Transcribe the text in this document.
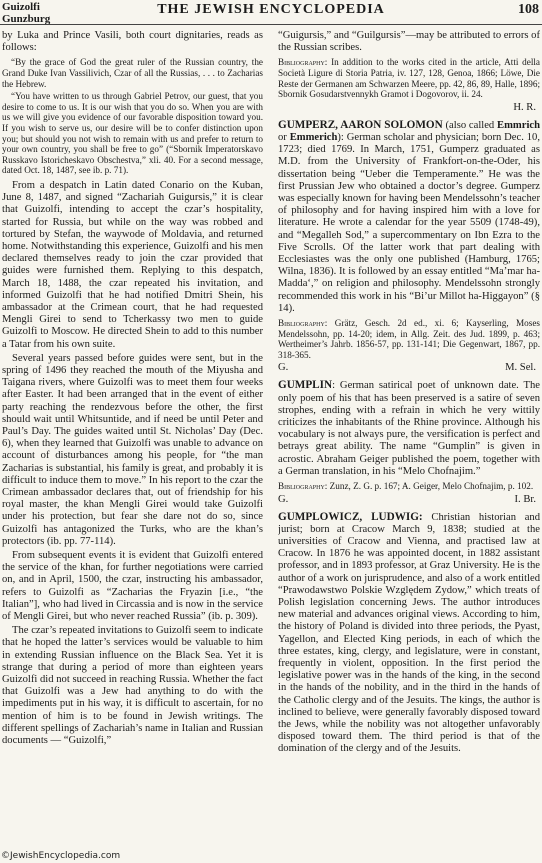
Guizolfi
Gunzburg
THE JEWISH ENCYCLOPEDIA	108

by Luka and Prince Vasili, both court dignitaries, reads as follows:

“By the grace of God the great ruler of the Russian country, the Grand Duke Ivan Vassilivich, Czar of all the Russias, . . . to Zacharias the Hebrew.

“You have written to us through Gabriel Petrov, our guest, that you desire to come to us. It is our wish that you do so. When you are with us we will give you evidence of our favorable disposition toward you. If you wish to serve us, our desire will be to confer distinction upon you; but should you not wish to remain with us and prefer to return to your own country, you shall be free to go” (“Sbornik Imperatorskavo Russkavo Istoricheskavo Obschestva,” xli. 40. For a second message, dated Oct. 18, 1487, see ib. p. 71).

From a despatch in Latin dated Conario on the Kuban, June 8, 1487, and signed “Zachariah Guigursis,” it is clear that Guizolfi, intending to accept the czar’s hospitality, started for Russia, but while on the way was robbed and tortured by Stefan, the waywode of Moldavia, and returned home. Notwithstanding this experience, Guizolfi and his men declared themselves ready to join the czar provided that guides were furnished them. Replying to this despatch, March 18, 1488, the czar repeated his invitation, and informed Guizolfi that he had notified Dmitri Shein, his ambassador at the Crimean court, that he had requested Mengli Girei to send to Tcherkassy two men to guide Guizolfi to Moscow. He directed Shein to add to this number a Tatar from his own suite.

Several years passed before guides were sent, but in the spring of 1496 they reached the mouth of the Miyusha and Taigana rivers, where Guizolfi was to meet them four weeks after Easter. It had been arranged that in the event of either party reaching the rendezvous before the other, the first should wait until Whitsuntide, and if need be until Peter and Paul’s Day. The guides waited until St. Nicholas’ Day (Dec. 6), when they learned that Guizolfi was unable to advance on account of disturbances among his people, for “the man Zacharias is substantial, his family is great, and probably it is difficult to induce them to move.” In his report to the czar the Crimean ambassador declares that, out of friendship for his royal master, the khan Mengli Girei would take Guizolfi under his protection, but fear she dare not do so, since Guizolfi has antagonized the Turks, who are the khan’s protectors (ib. pp. 77-114).

From subsequent events it is evident that Guizolfi entered the service of the khan, for further negotiations were carried on, and in April, 1500, the czar, instructing his ambassador, refers to Guizolfi as “Zacharias the Fryazin [i.e., “the Italian”], who had lived in Circassia and is now in the service of Mengli Girei, but who never reached Russia” (ib. p. 309).

The czar’s repeated invitations to Guizolfi seem to indicate that he hoped the latter’s services would be valuable to him in extending Russian influence on the Black Sea. Yet it is strange that during a period of more than eighteen years Guizolfi did not succeed in reaching Russia. Whether the fact that Guizolfi was a Jew had anything to do with the impediments put in his way, it is difficult to ascertain, for no mention of him is to be found in Jewish writings. The different spellings of Zachariah’s name in Italian and Russian documents — “Guizolfi,”

“Guigursis,” and “Guilgursis”—may be attributed to errors of the Russian scribes.

Bibliography: In addition to the works cited in the article, Atti della Società Ligure di Storia Patria, iv. 127, 128, Genoa, 1866; Löwe, Die Reste der Germanen am Schwarzen Meere, pp. 42, 86, 89, Halle, 1896; Sbornik Gosudarstvennykh Gramot i Dogovorov, ii. 24.

H. R.

GUMPERZ, AARON SOLOMON (also called Emmrich or Emmerich): German scholar and physician; born Dec. 10, 1723; died 1769. In March, 1751, Gumperz graduated as M.D. from the University of Frankfort-on-the-Oder, his dissertation being “Ueber die Temperamente.” He was the first Prussian Jew who obtained a doctor’s degree. Gumperz was especially known for having been Mendelssohn’s teacher of philosophy and for having inspired him with a love for literature. He wrote a calendar for the year 5509 (1748-49), and “Megalleh Sod,” a supercommentary on Ibn Ezra to the Five Scrolls. Of the latter work that part dealing with Ecclesiastes was the only one published (Hamburg, 1765; Wilna, 1836). It is followed by an essay entitled “Ma’mar ha-Madda‘,” on religion and philosophy. Mendelssohn strongly recommended this work in his “Bi’ur Millot ha-Higgayon” (§ 14).

Bibliography: Grätz, Gesch. 2d ed., xi. 6; Kayserling, Moses Mendelssohn, pp. 14-20; idem, in Allg. Zeit. des Jud. 1899, p. 463; Wertheimer’s Jahrb. 1856-57, pp. 131-141; Die Gegenwart, 1867, pp. 318-365.

G.	M. Sel.

GUMPLIN: German satirical poet of unknown date. The only poem of his that has been preserved is a satire of seven strophes, ending with a refrain in which he very wittily criticizes the inhabitants of the Rhine province. Although his vocabulary is not always pure, the versification is perfect and betrays great ability. The name “Gumplin” is given in acrostic. Abraham Geiger published the poem, together with a German translation, in his “Melo Chofnajim.”

Bibliography: Zunz, Z. G. p. 167; A. Geiger, Melo Chofnajim, p. 102.

G.	I. Br.

GUMPLOWICZ, LUDWIG: Christian historian and jurist; born at Cracow March 9, 1838; studied at the universities of Cracow and Vienna, and practised law at Cracow. In 1876 he was appointed docent, in 1882 assistant professor, and in 1893 professor, at Graz University. He is the author of a work on jurisprudence, and also of a work entitled “Prawodawstwo Polskie Względem Zydow,” which treats of Polish legislation concerning Jews. The author introduces new material and advances original views. According to him, the history of Poland is divided into three periods, the Pyast, Yagellon, and Elected King periods, in each of which the three estates, king, clergy, and legislature, were in constant, frequently in violent, opposition. In the first period the legislative power was in the hands of the king, in the second in the hands of the nobility, and in the third in the hands of the Catholic clergy and of the Jesuits. The kings, the author is inclined to believe, were generally favorably disposed toward the Jews, while the nobility was not altogether unfavorably disposed toward them. The third period is that of the domination of the clergy and of the Jesuits.

©JewishEncyclopedia.com
